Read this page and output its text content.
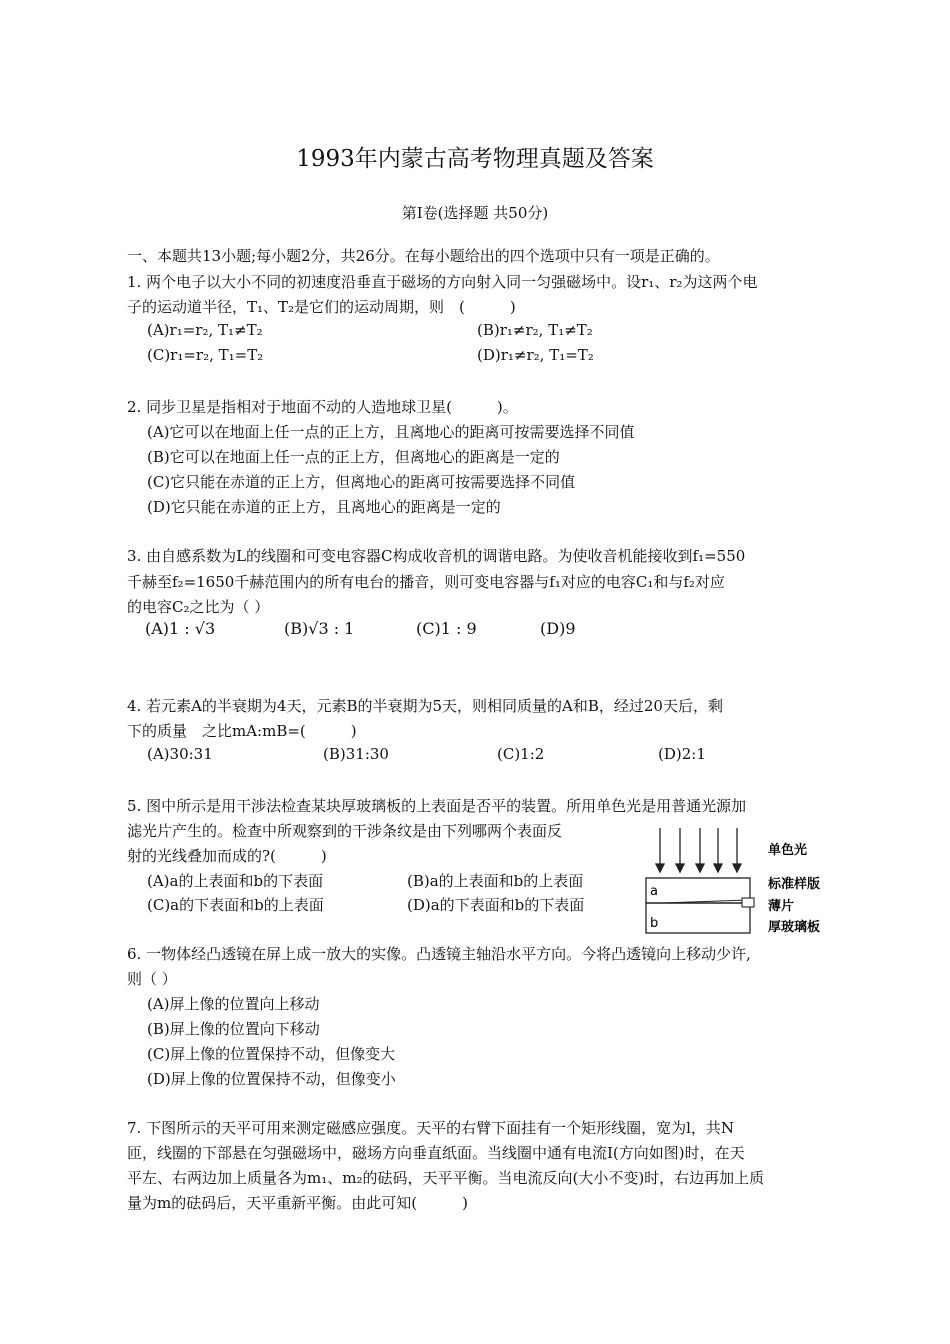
1993年内蒙古高考物理真题及答案
第Ⅰ卷(选择题 共50分)
一、本题共13小题;每小题2分，共26分。在每小题给出的四个选项中只有一项是正确的。
1. 两个电子以大小不同的初速度沿垂直于磁场的方向射入同一匀强磁场中。设r₁、r₂为这两个电
子的运动道半径，T₁、T₂是它们的运动周期，则　(　　　)
(A)r₁=r₂, T₁≠T₂	(B)r₁≠r₂, T₁≠T₂
(C)r₁=r₂, T₁=T₂	(D)r₁≠r₂, T₁=T₂
2. 同步卫星是指相对于地面不动的人造地球卫星(　　　)。
(A)它可以在地面上任一点的正上方，且离地心的距离可按需要选择不同值
(B)它可以在地面上任一点的正上方，但离地心的距离是一定的
(C)它只能在赤道的正上方，但离地心的距离可按需要选择不同值
(D)它只能在赤道的正上方，且离地心的距离是一定的
3. 由自感系数为L的线圈和可变电容器C构成收音机的调谐电路。为使收音机能接收到f₁=550
千赫至f₂=1650千赫范围内的所有电台的播音，则可变电容器与f₁对应的电容C₁和与f₂对应
的电容C₂之比为（ ）
(A)1 : √3	(B)√3 : 1	(C)1 : 9	(D)9
4. 若元素A的半衰期为4天，元素B的半衰期为5天，则相同质量的A和B，经过20天后，剩
下的质量　之比mA:mB=(　　　)
(A)30:31	(B)31:30	(C)1:2	(D)2:1
5. 图中所示是用干涉法检查某块厚玻璃板的上表面是否平的装置。所用单色光是用普通光源加
滤光片产生的。检查中所观察到的干涉条纹是由下列哪两个表面反
射的光线叠加而成的?(　　　)
(A)a的上表面和b的下表面	(B)a的上表面和b的上表面
(C)a的下表面和b的上表面	(D)a的下表面和b的下表面
a
b
单色光
标准样版
薄片
厚玻璃板
6. 一物体经凸透镜在屏上成一放大的实像。凸透镜主轴沿水平方向。今将凸透镜向上移动少许,
则（ ）
(A)屏上像的位置向上移动
(B)屏上像的位置向下移动
(C)屏上像的位置保持不动，但像变大
(D)屏上像的位置保持不动，但像变小
7. 下图所示的天平可用来测定磁感应强度。天平的右臂下面挂有一个矩形线圈，宽为l，共N
匝，线圈的下部悬在匀强磁场中，磁场方向垂直纸面。当线圈中通有电流I(方向如图)时，在天
平左、右两边加上质量各为m₁、m₂的砝码，天平平衡。当电流反向(大小不变)时，右边再加上质
量为m的砝码后，天平重新平衡。由此可知(　　　)
